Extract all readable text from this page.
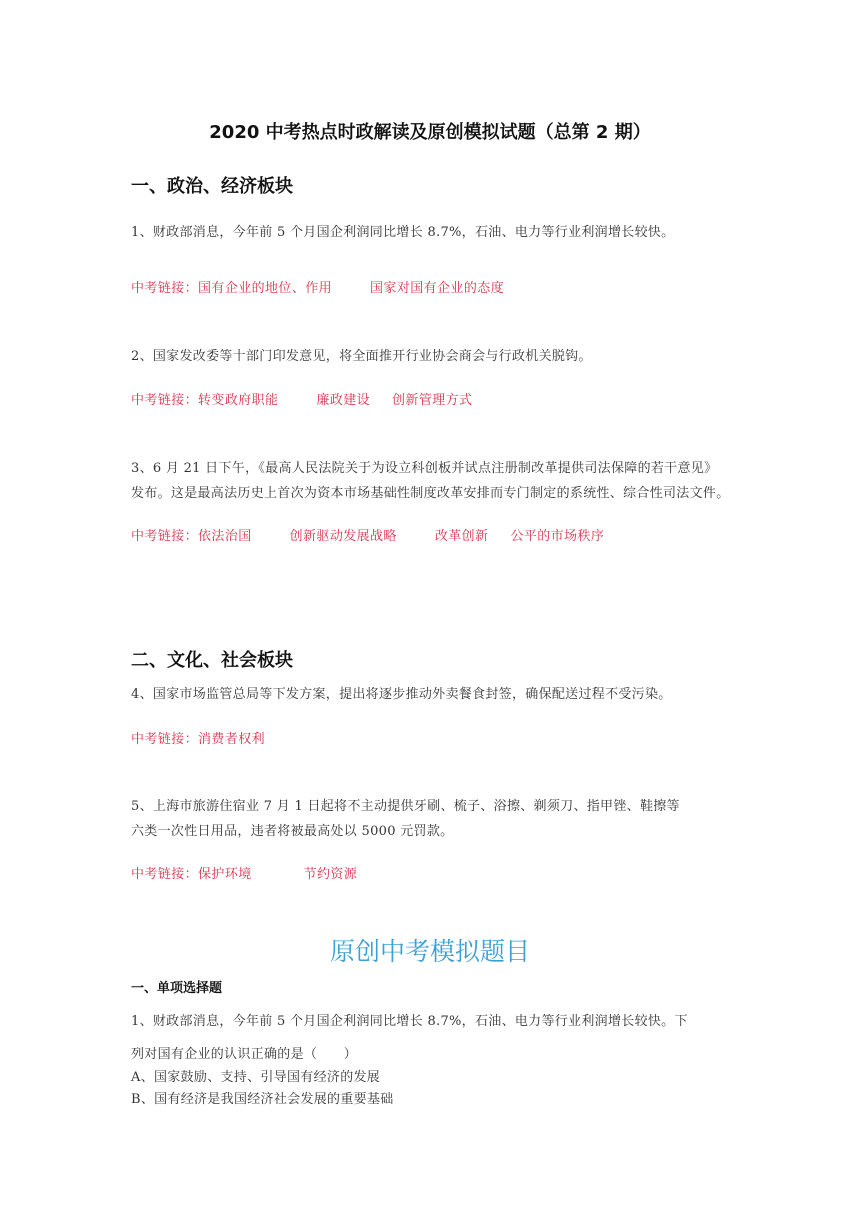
2020 中考热点时政解读及原创模拟试题（总第 2 期）
一、政治、经济板块
1、财政部消息，今年前 5 个月国企利润同比增长 8.7%，石油、电力等行业利润增长较快。
中考链接：国有企业的地位、作用	国家对国有企业的态度
2、国家发改委等十部门印发意见，将全面推开行业协会商会与行政机关脱钩。
中考链接：转变政府职能	廉政建设 创新管理方式
3、6 月 21 日下午，《最高人民法院关于为设立科创板并试点注册制改革提供司法保障的若干意见》
发布。这是最高法历史上首次为资本市场基础性制度改革安排而专门制定的系统性、综合性司法文件。
中考链接：依法治国	创新驱动发展战略	改革创新 公平的市场秩序
二、文化、社会板块
4、国家市场监管总局等下发方案，提出将逐步推动外卖餐食封签，确保配送过程不受污染。
中考链接：消费者权利
5、上海市旅游住宿业 7 月 1 日起将不主动提供牙刷、梳子、浴擦、剃须刀、指甲锉、鞋擦等
六类一次性日用品，违者将被最高处以 5000 元罚款。
中考链接：保护环境	节约资源
原创中考模拟题目
一、单项选择题
1、财政部消息，今年前 5 个月国企利润同比增长 8.7%，石油、电力等行业利润增长较快。下
列对国有企业的认识正确的是（　　）
A、国家鼓励、支持、引导国有经济的发展
B、国有经济是我国经济社会发展的重要基础
